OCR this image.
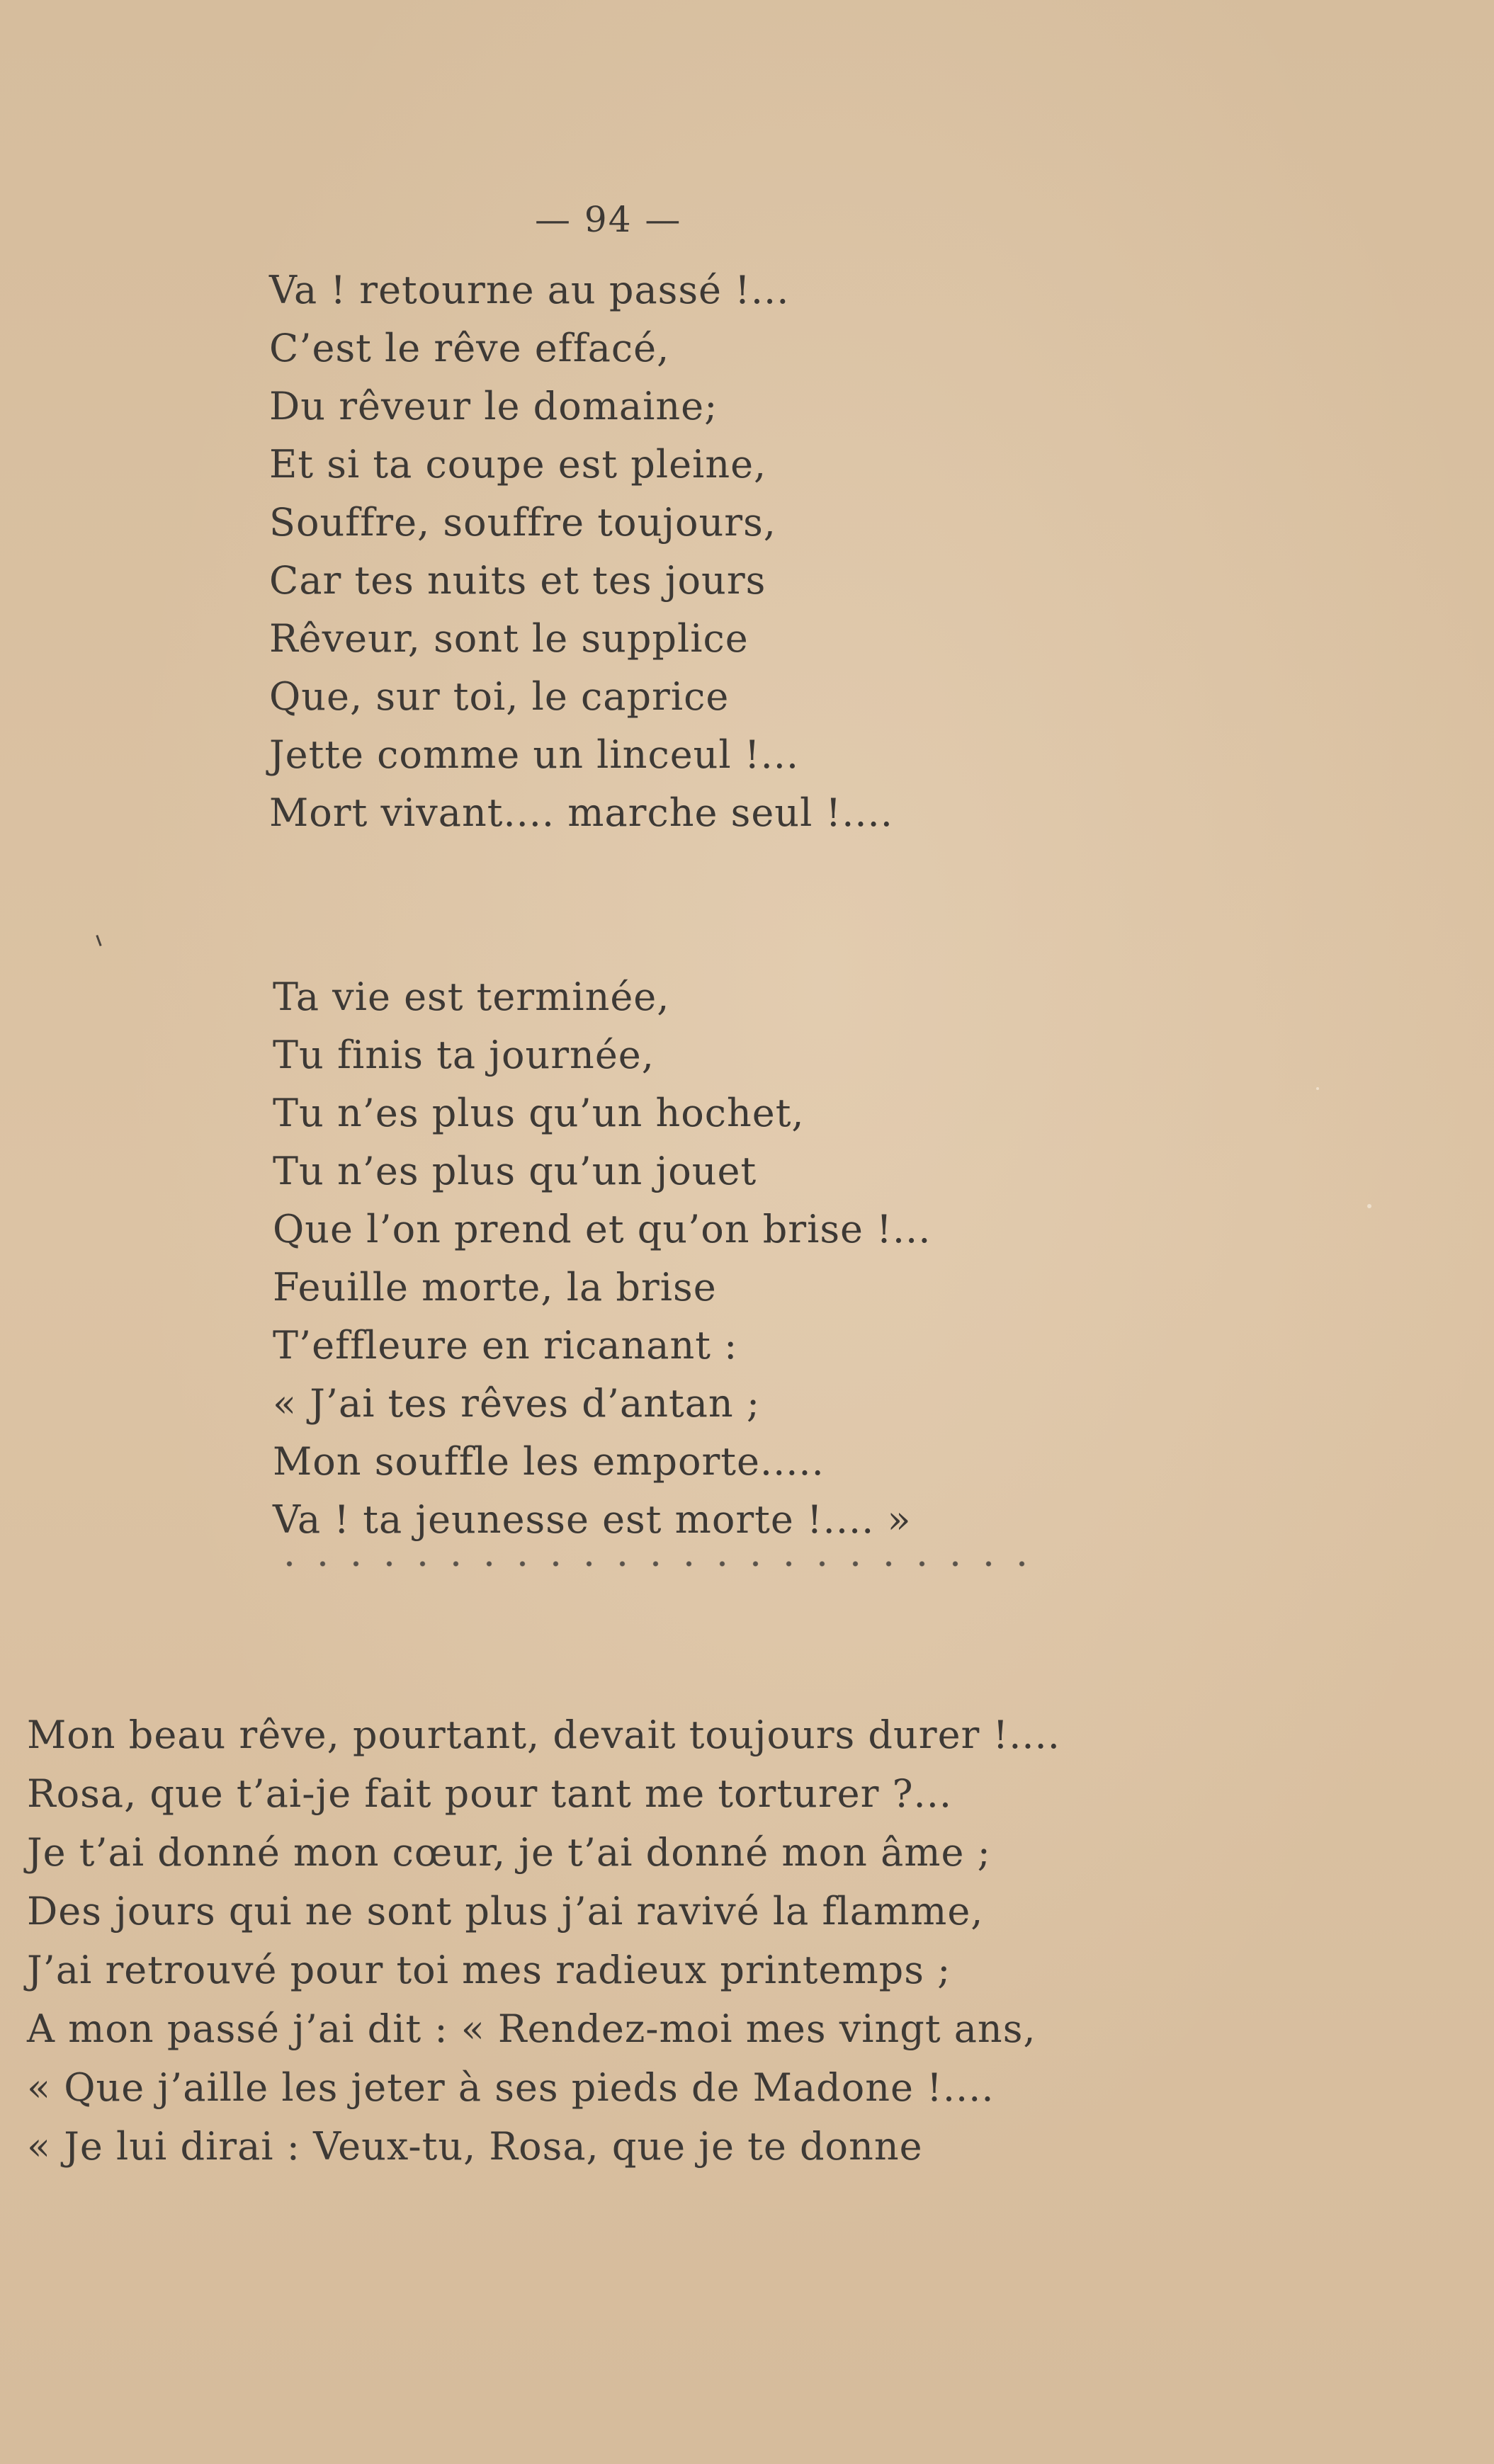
— 94 —
Va ! retourne au passé !...
C’est le rêve effacé,
Du rêveur le domaine;
Et si ta coupe est pleine,
Souffre, souffre toujours,
Car tes nuits et tes jours
Rêveur, sont le supplice
Que, sur toi, le caprice
Jette comme un linceul !...
Mort vivant.... marche seul !....
Ta vie est terminée,
Tu finis ta journée,
Tu n’es plus qu’un hochet,
Tu n’es plus qu’un jouet
Que l’on prend et qu’on brise !...
Feuille morte, la brise
T’effleure en ricanant :
« J’ai tes rêves d’antan ;
Mon souffle les emporte.....
Va ! ta jeunesse est morte !.... »
Mon beau rêve, pourtant, devait toujours durer !....
Rosa, que t’ai-je fait pour tant me torturer ?...
Je t’ai donné mon cœur, je t’ai donné mon âme ;
Des jours qui ne sont plus j’ai ravivé la flamme,
J’ai retrouvé pour toi mes radieux printemps ;
A mon passé j’ai dit : « Rendez-moi mes vingt ans,
« Que j’aille les jeter à ses pieds de Madone !....
« Je lui dirai : Veux-tu, Rosa, que je te donne
